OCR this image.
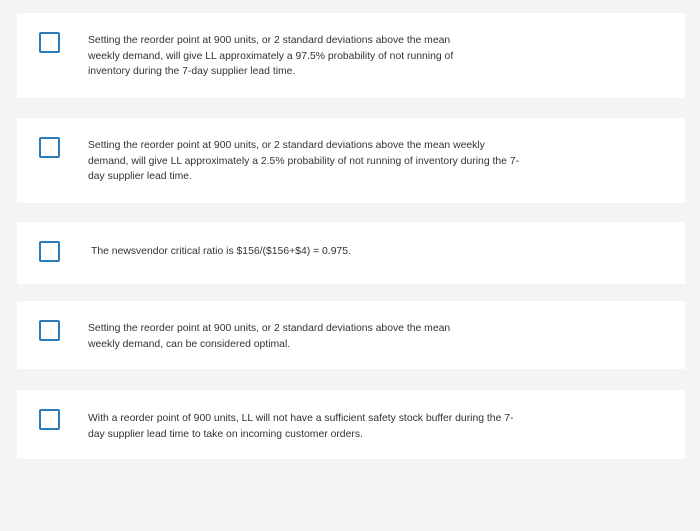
Setting the reorder point at 900 units, or 2 standard deviations above the mean
weekly demand, will give LL approximately a 97.5% probability of not running of
inventory during the 7-day supplier lead time.
Setting the reorder point at 900 units, or 2 standard deviations above the mean weekly
demand, will give LL approximately a 2.5% probability of not running of inventory during the 7-
day supplier lead time.
The newsvendor critical ratio is $156/($156+$4) = 0.975.
Setting the reorder point at 900 units, or 2 standard deviations above the mean
weekly demand, can be considered optimal.
With a reorder point of 900 units, LL will not have a sufficient safety stock buffer during the 7-
day supplier lead time to take on incoming customer orders.
